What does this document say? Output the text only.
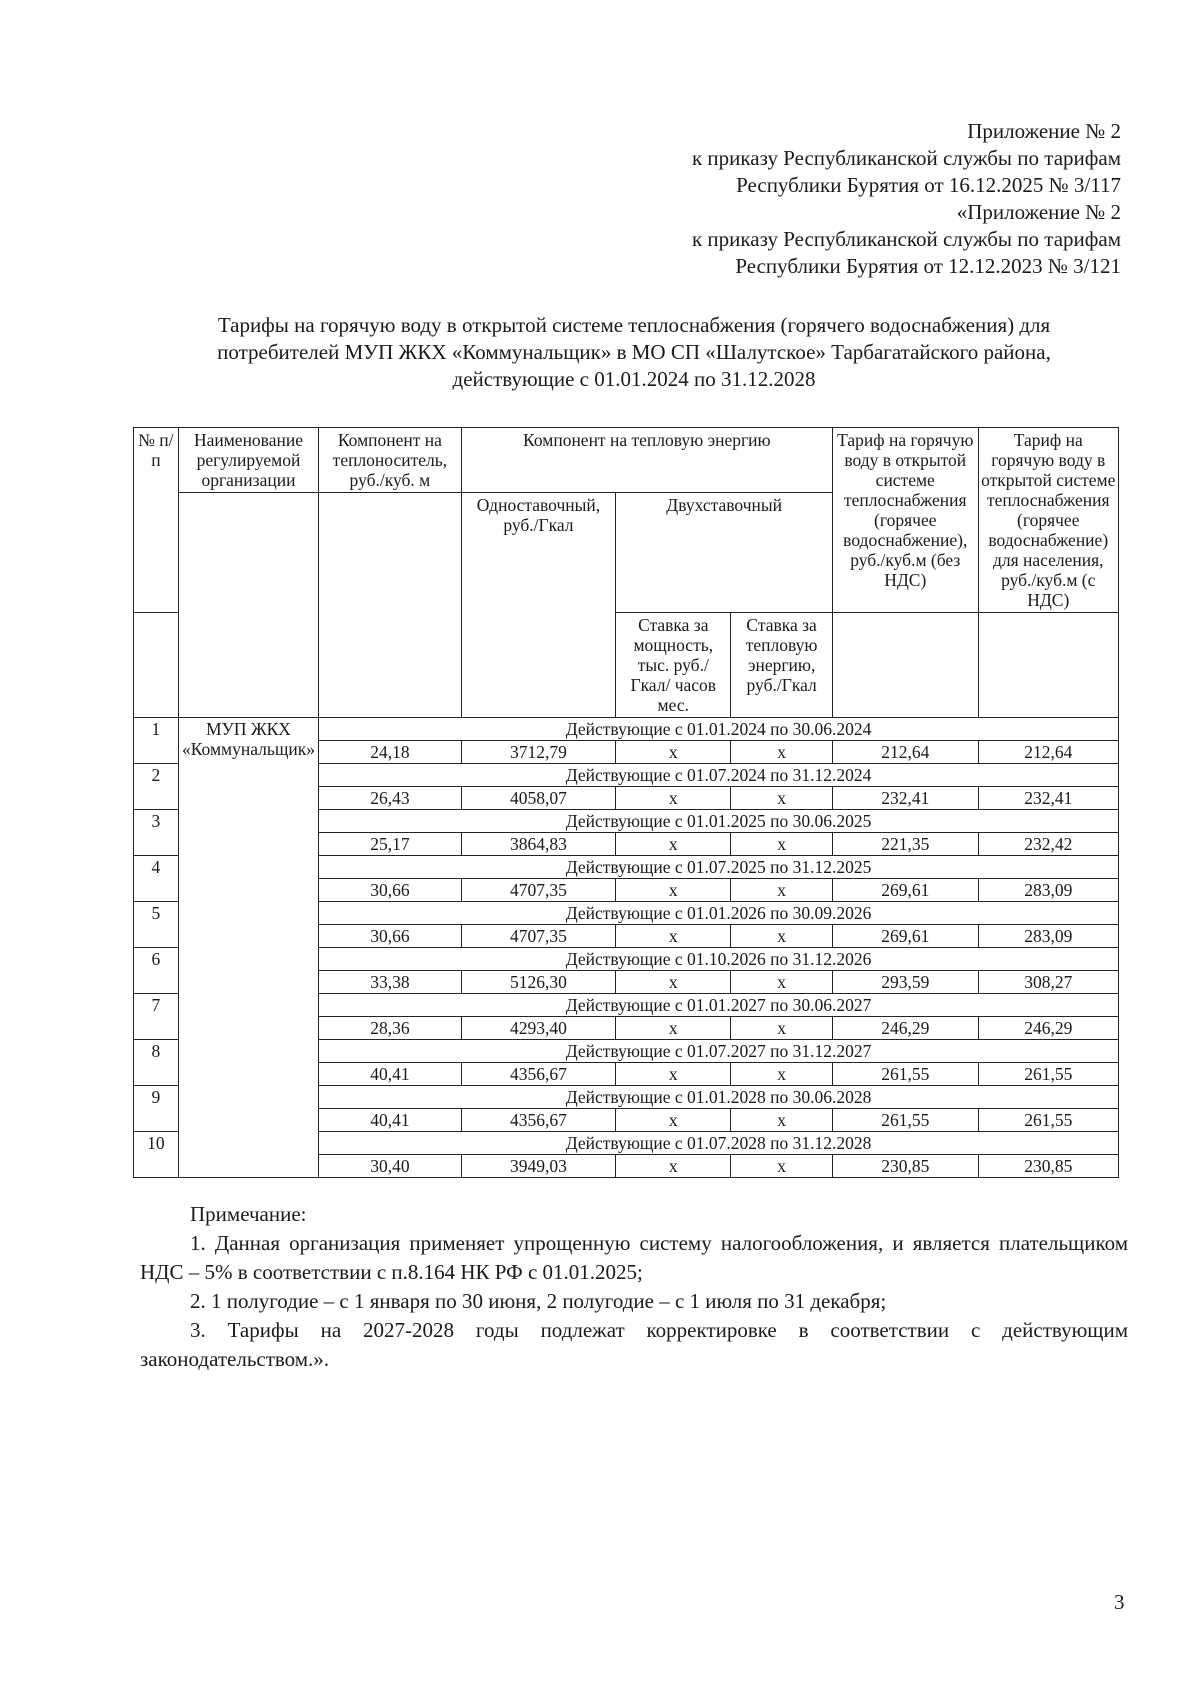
Приложение № 2
к приказу Республиканской службы по тарифам
Республики Бурятия от 16.12.2025 № 3/117
«Приложение № 2
к приказу Республиканской службы по тарифам
Республики Бурятия от 12.12.2023 № 3/121
Тарифы на горячую воду в открытой системе теплоснабжения (горячего водоснабжения) для
потребителей МУП ЖКХ «Коммунальщик» в МО СП «Шалутское» Тарбагатайского района,
действующие с 01.01.2024 по 31.12.2028
№ п/п	Наименование регулируемой организации	Компонент на теплоноситель, руб./куб. м	Компонент на тепловую энергию			Тариф на горячую воду в открытой системе теплоснабжения (горячее водоснабжение), руб./куб.м (без НДС)	Тариф на горячую воду в открытой системе теплоснабжения (горячее водоснабжение) для населения, руб./куб.м (с НДС)
			Одноставочный, руб./Гкал	Двухставочный			
				Ставка за мощность, тыс. руб./Гкал/ часов мес.	Ставка за тепловую энергию, руб./Гкал		
1	МУП ЖКХ «Коммунальщик»	Действующие с 01.01.2024 по 30.06.2024					
		24,18	3712,79	х	х	212,64	212,64
2		Действующие с 01.07.2024 по 31.12.2024					
		26,43	4058,07	х	х	232,41	232,41
3		Действующие с 01.01.2025 по 30.06.2025					
		25,17	3864,83	х	х	221,35	232,42
4		Действующие с 01.07.2025 по 31.12.2025					
		30,66	4707,35	х	х	269,61	283,09
5		Действующие с 01.01.2026 по 30.09.2026					
		30,66	4707,35	х	х	269,61	283,09
6		Действующие с 01.10.2026 по 31.12.2026					
		33,38	5126,30	х	х	293,59	308,27
7		Действующие с 01.01.2027 по 30.06.2027					
		28,36	4293,40	х	х	246,29	246,29
8		Действующие с 01.07.2027 по 31.12.2027					
		40,41	4356,67	х	х	261,55	261,55
9		Действующие с 01.01.2028 по 30.06.2028					
		40,41	4356,67	х	х	261,55	261,55
10		Действующие с 01.07.2028 по 31.12.2028					
		30,40	3949,03	х	х	230,85	230,85
Примечание:
1. Данная организация применяет упрощенную систему налогообложения, и является плательщиком НДС – 5% в соответствии с п.8.164 НК РФ с 01.01.2025;
2. 1 полугодие – с 1 января по 30 июня, 2 полугодие – с 1 июля по 31 декабря;
3. Тарифы на 2027-2028 годы подлежат корректировке в соответствии с действующим законодательством.».
3
